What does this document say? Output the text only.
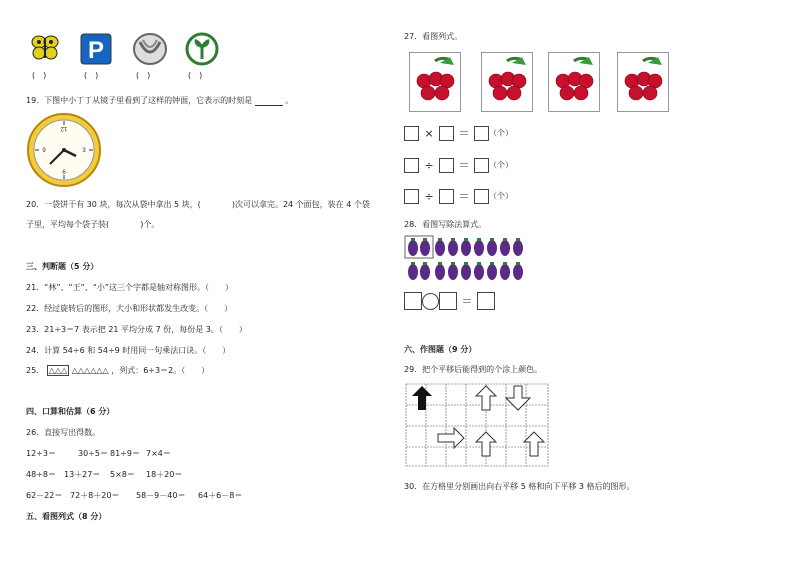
P
(　)	(　)	(　)	(　)
19．下图中小丁丁从镜子里看到了这样的钟面，它表示的时刻是	。
12
6
9	3
20．一袋饼干有 30 块，每次从袋中拿出 5 块，(	)次可以拿完。24 个面包，装在 4 个袋
子里，平均每个袋子装(	)个。
三、判断题（5 分）
21．“林”、“王”、“小”这三个字都是轴对称图形。（　　）
22．经过旋转后的图形，大小和形状都发生改变。（　　）
23．21÷3＝7 表示把 21 平均分成 7 份，每份是 3。（　　）
24．计算 54÷6 和 54÷9 时用同一句乘法口诀。（　　）
25． △△△ △△△△△△ ，列式：6÷3＝2。（　　）
四、口算和估算（6 分）
26．直接写出得数。
12÷3＝	30÷5＝ 81÷9＝ 7×4＝
48÷8＝ 13＋27＝ 5×8＝ 18＋20＝
62－22＝ 72＋8＋20＝ 58－9－40＝ 64＋6－8＝
五、看图列式（8 分）
27．看图列式。
× ＝ （个）
÷ ＝ （个）
÷ ＝ （个）
28．看图写除法算式。
＝
六、作图题（9 分）
29．把个平移后能得到的个涂上颜色。
30．在方格里分别画出向右平移 5 格和向下平移 3 格后的图形。
